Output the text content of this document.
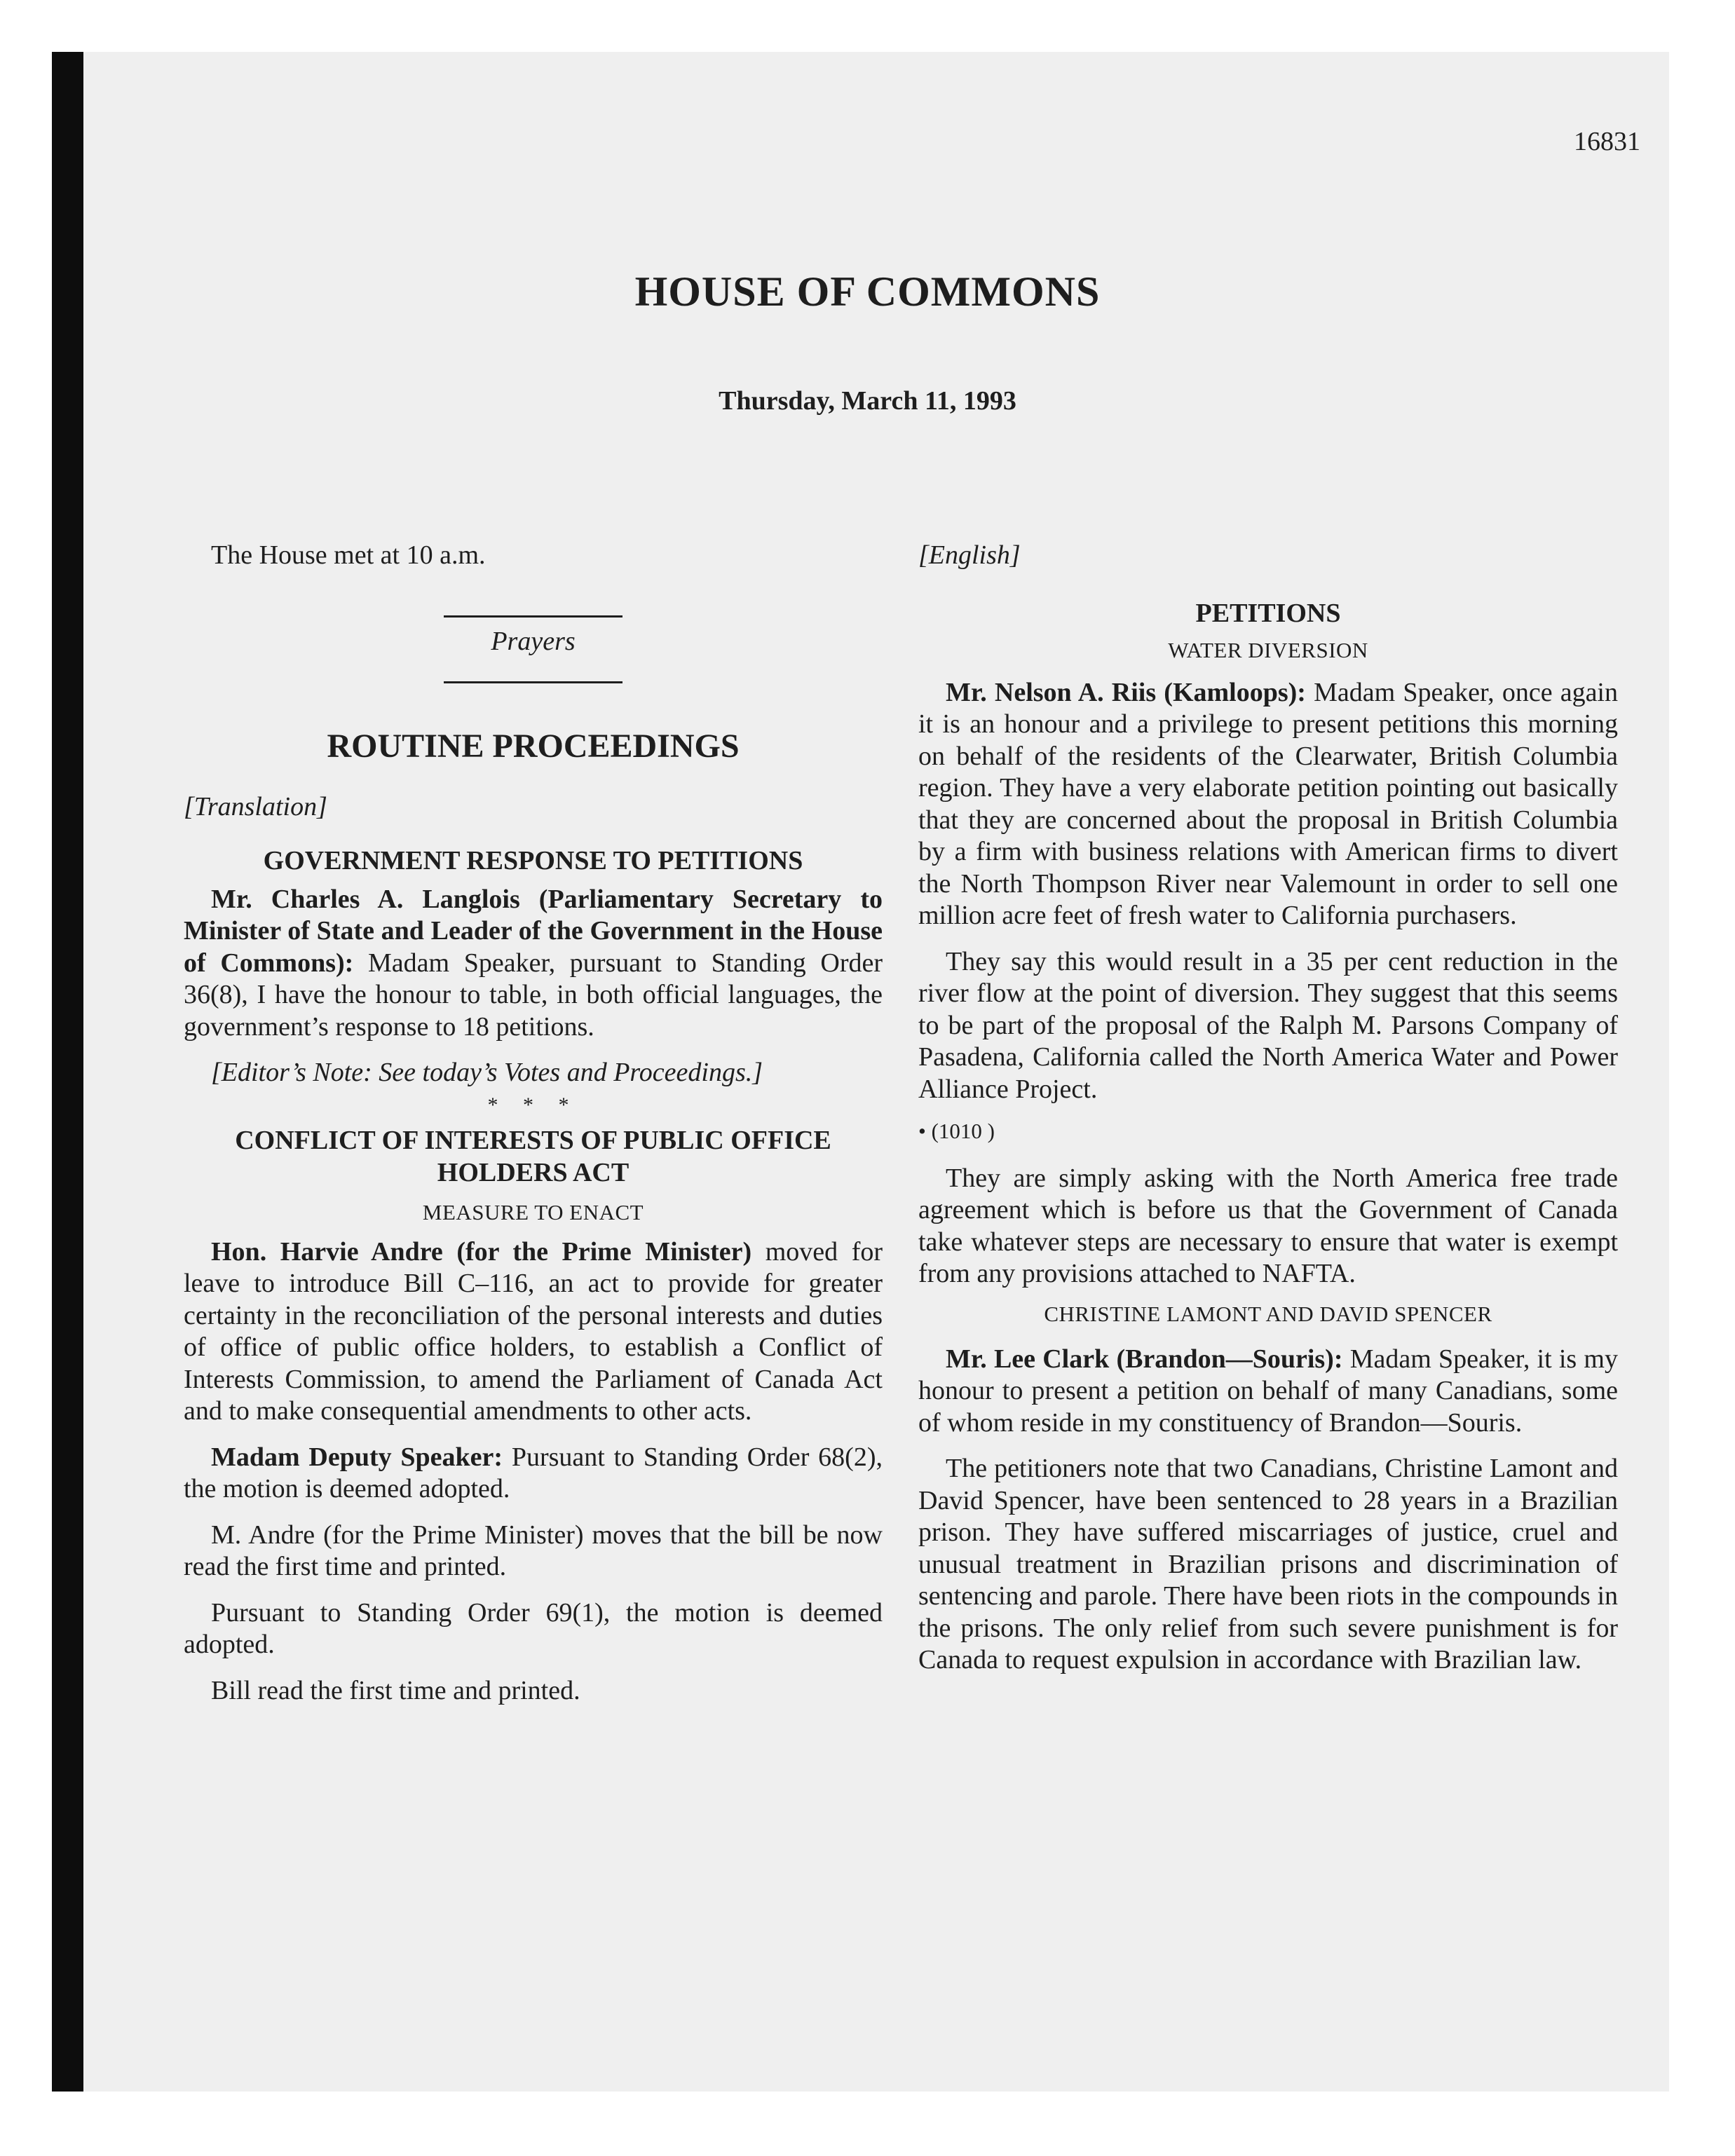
16831
HOUSE OF COMMONS
Thursday, March 11, 1993

The House met at 10 a.m.

Prayers

ROUTINE PROCEEDINGS

[Translation]

GOVERNMENT RESPONSE TO PETITIONS

Mr. Charles A. Langlois (Parliamentary Secretary to Minister of State and Leader of the Government in the House of Commons): Madam Speaker, pursuant to Standing Order 36(8), I have the honour to table, in both official languages, the government’s response to 18 petitions.

[Editor’s Note: See today’s Votes and Proceedings.]

* * *
CONFLICT OF INTERESTS OF PUBLIC OFFICE HOLDERS ACT
MEASURE TO ENACT

Hon. Harvie Andre (for the Prime Minister) moved for leave to introduce Bill C–116, an act to provide for greater certainty in the reconciliation of the personal interests and duties of office of public office holders, to establish a Conflict of Interests Commission, to amend the Parliament of Canada Act and to make consequential amendments to other acts.

Madam Deputy Speaker: Pursuant to Standing Order 68(2), the motion is deemed adopted.

M. Andre (for the Prime Minister) moves that the bill be now read the first time and printed.

Pursuant to Standing Order 69(1), the motion is deemed adopted.

Bill read the first time and printed.

[English]

PETITIONS
WATER DIVERSION

Mr. Nelson A. Riis (Kamloops): Madam Speaker, once again it is an honour and a privilege to present petitions this morning on behalf of the residents of the Clearwater, British Columbia region. They have a very elaborate petition pointing out basically that they are concerned about the proposal in British Columbia by a firm with business relations with American firms to divert the North Thompson River near Valemount in order to sell one million acre feet of fresh water to California purchasers.

They say this would result in a 35 per cent reduction in the river flow at the point of diversion. They suggest that this seems to be part of the proposal of the Ralph M. Parsons Company of Pasadena, California called the North America Water and Power Alliance Project.

• (1010 )

They are simply asking with the North America free trade agreement which is before us that the Government of Canada take whatever steps are necessary to ensure that water is exempt from any provisions attached to NAFTA.

CHRISTINE LAMONT AND DAVID SPENCER

Mr. Lee Clark (Brandon—Souris): Madam Speaker, it is my honour to present a petition on behalf of many Canadians, some of whom reside in my constituency of Brandon—Souris.

The petitioners note that two Canadians, Christine Lamont and David Spencer, have been sentenced to 28 years in a Brazilian prison. They have suffered miscarriages of justice, cruel and unusual treatment in Brazilian prisons and discrimination of sentencing and parole. There have been riots in the compounds in the prisons. The only relief from such severe punishment is for Canada to request expulsion in accordance with Brazilian law.
